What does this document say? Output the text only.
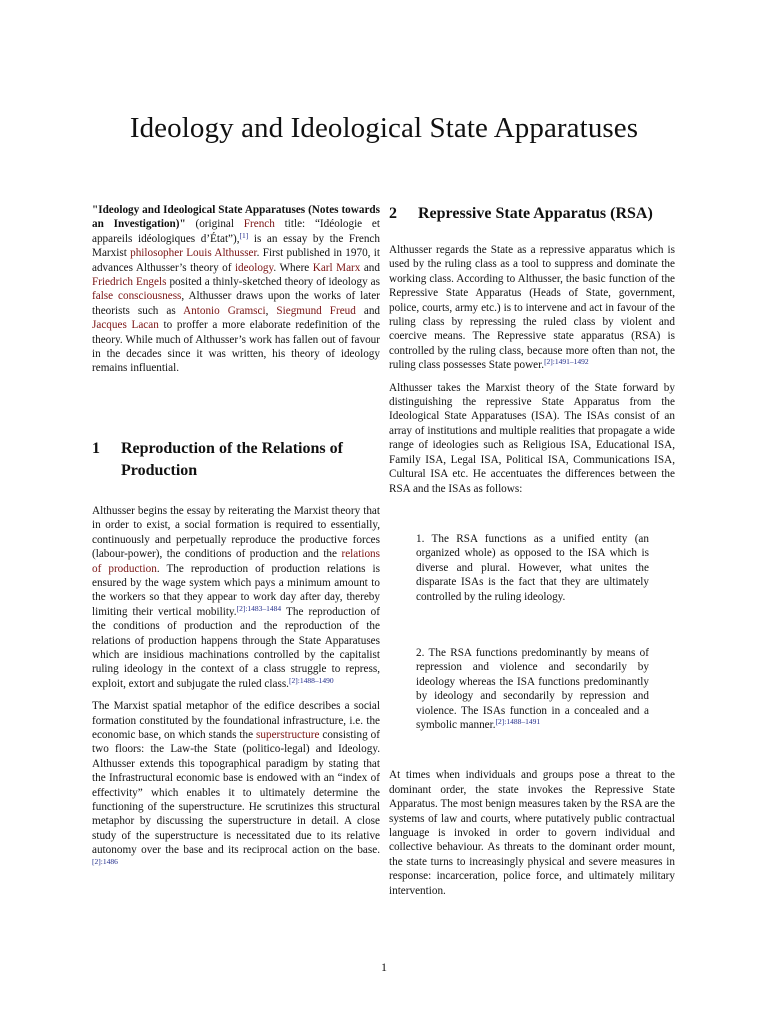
Ideology and Ideological State Apparatuses

"Ideology and Ideological State Apparatuses (Notes towards an Investigation)" (original French title: “Idéologie et appareils idéologiques d’État”),[1] is an essay by the French Marxist philosopher Louis Althusser. First published in 1970, it advances Althusser’s theory of ideology. Where Karl Marx and Friedrich Engels posited a thinly-sketched theory of ideology as false consciousness, Althusser draws upon the works of later theorists such as Antonio Gramsci, Siegmund Freud and Jacques Lacan to proffer a more elaborate redefinition of the theory. While much of Althusser’s work has fallen out of favour in the decades since it was written, his theory of ideology remains influential.

1	Reproduction of the Relations of Production

Althusser begins the essay by reiterating the Marxist theory that in order to exist, a social formation is required to essentially, continuously and perpetually reproduce the productive forces (labour-power), the conditions of production and the relations of production. The reproduction of production relations is ensured by the wage system which pays a minimum amount to the workers so that they appear to work day after day, thereby limiting their vertical mobility.$^{[2]:1483-1484}$ The reproduction of the conditions of production and the reproduction of the relations of production happens through the State Apparatuses which are insidious machinations controlled by the capitalist ruling ideology in the context of a class struggle to repress, exploit, extort and subjugate the ruled class.$^{[2]:1488-1490}$

The Marxist spatial metaphor of the edifice describes a social formation constituted by the foundational infrastructure, i.e. the economic base, on which stands the superstructure consisting of two floors: the Law-the State (politico-legal) and Ideology. Althusser extends this topographical paradigm by stating that the Infrastructural economic base is endowed with an “index of effectivity” which enables it to ultimately determine the functioning of the superstructure. He scrutinizes this structural metaphor by discussing the superstructure in detail. A close study of the superstructure is necessitated due to its relative autonomy over the base and its reciprocal action on the base.$^{[2]:1486}$

2	Repressive State Apparatus (RSA)

Althusser regards the State as a repressive apparatus which is used by the ruling class as a tool to suppress and dominate the working class. According to Althusser, the basic function of the Repressive State Apparatus (Heads of State, government, police, courts, army etc.) is to intervene and act in favour of the ruling class by repressing the ruled class by violent and coercive means. The Repressive state apparatus (RSA) is controlled by the ruling class, because more often than not, the ruling class possesses State power.$^{[2]:1491-1492}$

Althusser takes the Marxist theory of the State forward by distinguishing the repressive State Apparatus from the Ideological State Apparatuses (ISA). The ISAs consist of an array of institutions and multiple realities that propagate a wide range of ideologies such as Religious ISA, Educational ISA, Family ISA, Legal ISA, Political ISA, Communications ISA, Cultural ISA etc. He accentuates the differences between the RSA and the ISAs as follows:

1. The RSA functions as a unified entity (an organized whole) as opposed to the ISA which is diverse and plural. However, what unites the disparate ISAs is the fact that they are ultimately controlled by the ruling ideology.
2. The RSA functions predominantly by means of repression and violence and secondarily by ideology whereas the ISA functions predominantly by ideology and secondarily by repression and violence. The ISAs function in a concealed and a symbolic manner.$^{[2]:1488-1491}$

At times when individuals and groups pose a threat to the dominant order, the state invokes the Repressive State Apparatus. The most benign measures taken by the RSA are the systems of law and courts, where putatively public contractual language is invoked in order to govern individual and collective behaviour. As threats to the dominant order mount, the state turns to increasingly physical and severe measures in response: incarceration, police force, and ultimately military intervention.

1
